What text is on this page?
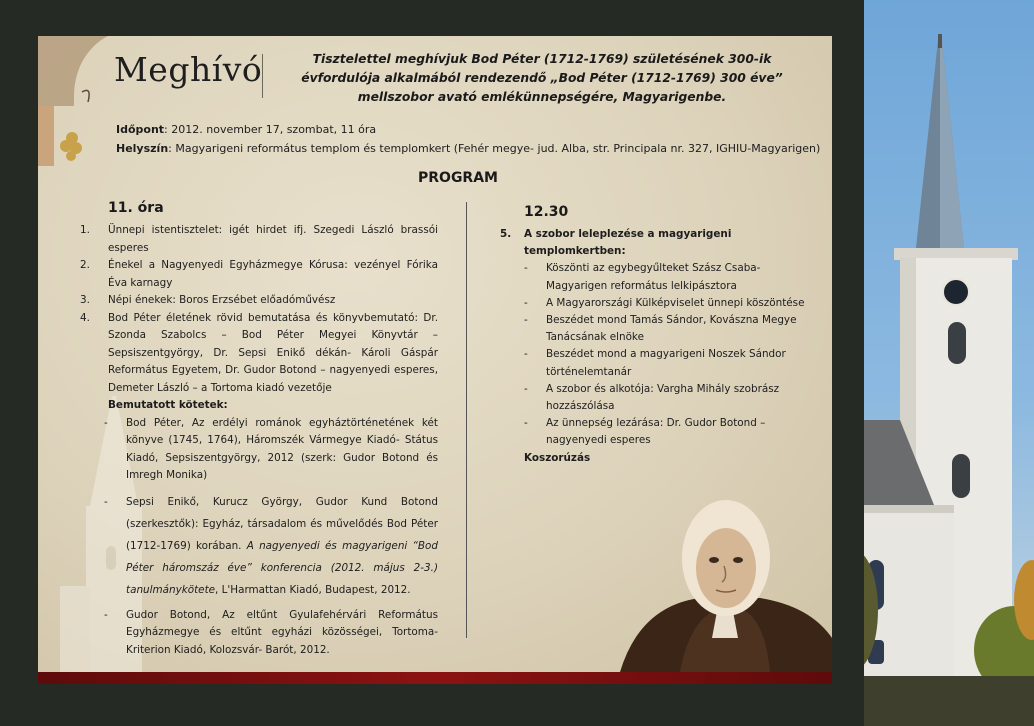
Meghívó	Tisztelettel meghívjuk Bod Péter (1712-1769) születésének 300-ik évfordulója alkalmából rendezendő „Bod Péter (1712-1769) 300 éve” mellszobor avató emlékünnepségére, Magyarigenbe.
Időpont: 2012. november 17, szombat, 11 óra
Helyszín: Magyarigeni református templom és templomkert (Fehér megye- jud. Alba, str. Principala nr. 327, IGHIU-Magyarigen)
PROGRAM
11. óra	12.30
1.	Ünnepi istentisztelet: igét hirdet ifj. Szegedi László brassói esperes
2.	Énekel a Nagyenyedi Egyházmegye Kórusa: vezényel Fórika Éva karnagy
3.	Népi énekek: Boros Erzsébet előadóművész
4.	Bod Péter életének rövid bemutatása és könyvbemutató: Dr. Szonda Szabolcs – Bod Péter Megyei Könyvtár – Sepsiszentgyörgy, Dr. Sepsi Enikő dékán- Károli Gáspár Református Egyetem, Dr. Gudor Botond – nagyenyedi esperes, Demeter László – a Tortoma kiadó vezetője
Bemutatott kötetek:
-	Bod Péter, Az erdélyi románok egyháztörténetének két könyve (1745, 1764), Háromszék Vármegye Kiadó- Státus Kiadó, Sepsiszentgyörgy, 2012 (szerk: Gudor Botond és Imregh Monika)
-	Sepsi Enikő, Kurucz György, Gudor Kund Botond (szerkesztők): Egyház, társadalom és művelődés Bod Péter (1712-1769) korában. A nagyenyedi és magyarigeni “Bod Péter háromszáz éve” konferencia (2012. május 2-3.) tanulmánykötete, L'Harmattan Kiadó, Budapest, 2012.
-	Gudor Botond, Az eltűnt Gyulafehérvári Református Egyházmegye és eltűnt egyházi közösségei, Tortoma-Kriterion Kiadó, Kolozsvár- Barót, 2012.
5.	A szobor leleplezése a magyarigeni templomkertben:
-	Köszönti az egybegyűlteket Szász Csaba- Magyarigen református lelkipásztora
-	A Magyarországi Külképviselet ünnepi köszöntése
-	Beszédet mond Tamás Sándor, Kovászna Megye Tanácsának elnöke
-	Beszédet mond a magyarigeni Noszek Sándor történelemtanár
-	A szobor és alkotója: Vargha Mihály szobrász hozzászólása
-	Az ünnepség lezárása: Dr. Gudor Botond – nagyenyedi esperes
Koszorúzás
